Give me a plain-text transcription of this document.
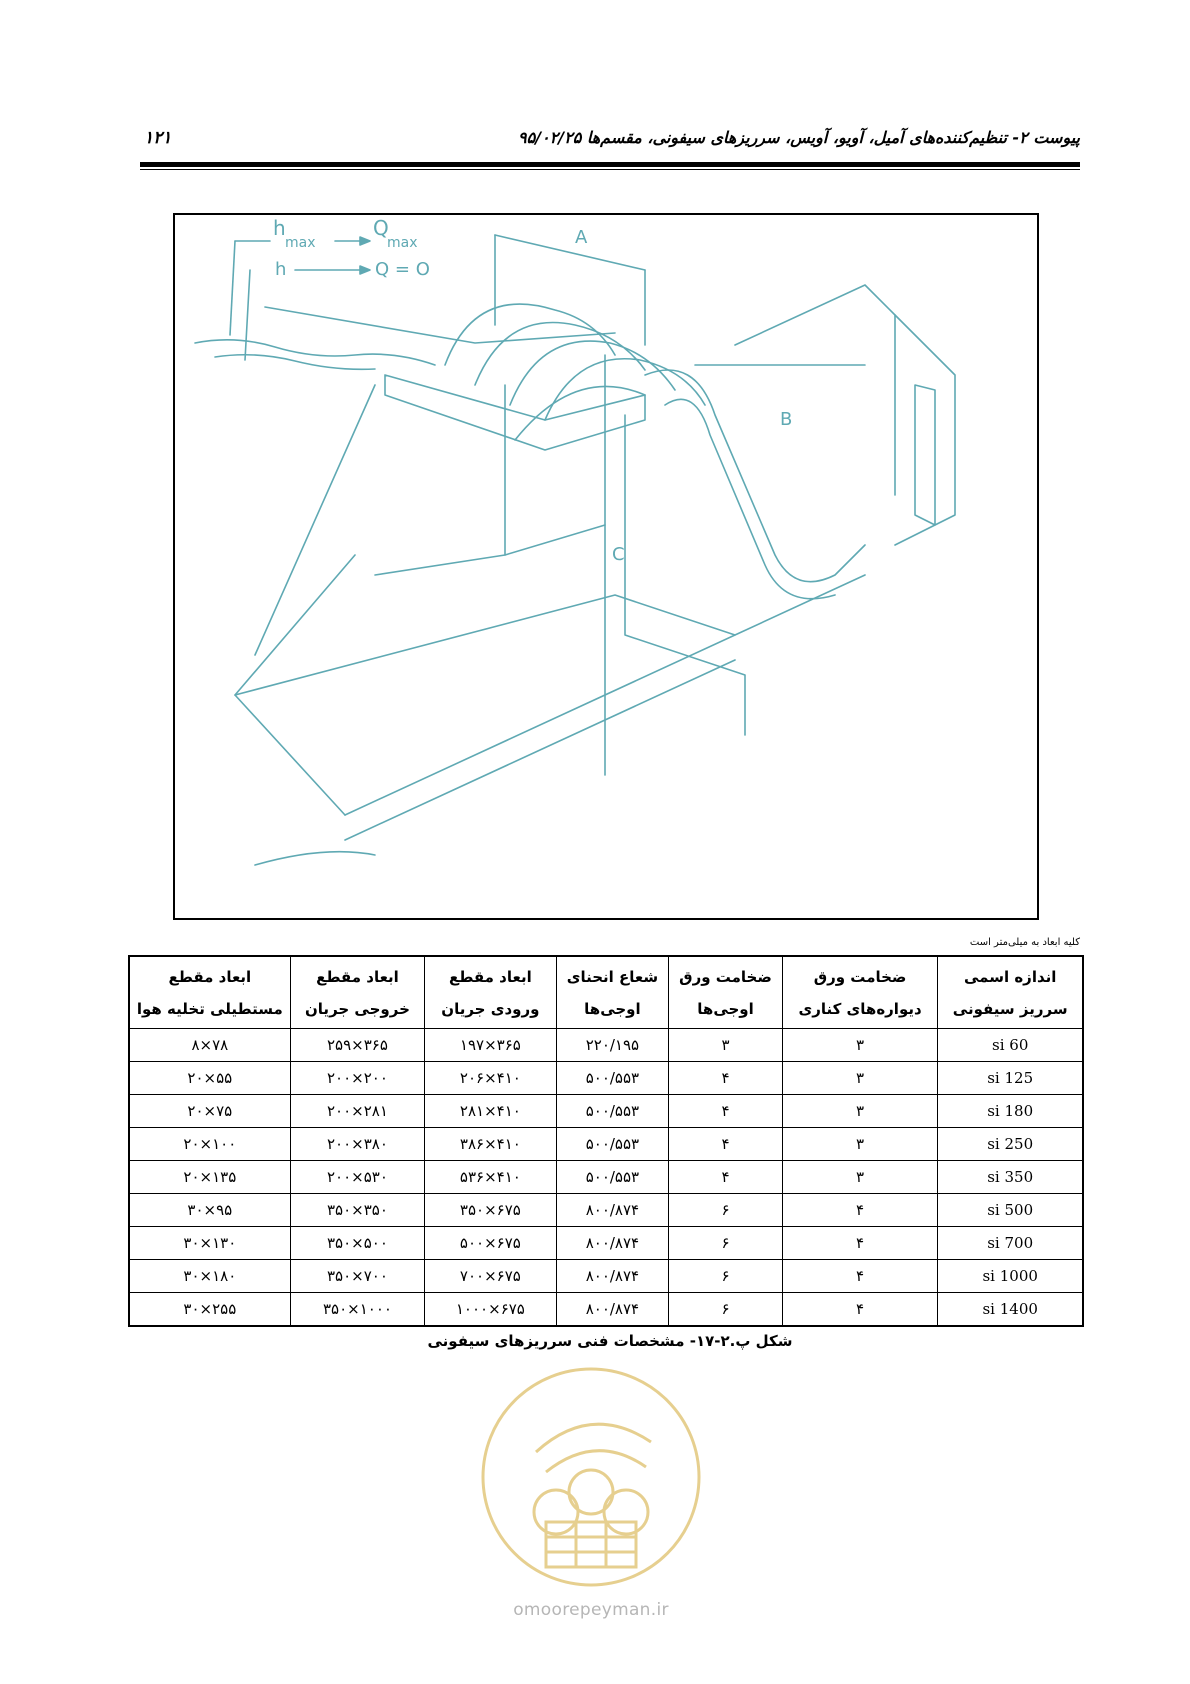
پیوست ۲- تنظیم‌کننده‌های آمیل، آویو، آویس، سرریزهای سیفونی، مقسم‌ها ۹۵/۰۲/۲۵
۱۲۱
h
max
Q
max
h	Q = O
A
B
C
کلیه ابعاد به میلی‌متر است
اندازه اسمی سرریز سیفونی	ضخامت ورق دیواره‌های کناری	ضخامت ورق اوجی‌ها	شعاع انحنای اوجی‌ها	ابعاد مقطع ورودی جریان	ابعاد مقطع خروجی جریان	ابعاد مقطع مستطیلی تخلیه هوا
si 60	۳	۳	۲۲۰/۱۹۵	۳۶۵×۱۹۷	۳۶۵×۲۵۹	۷۸×۸
si 125	۳	۴	۵۰۰/۵۵۳	۴۱۰×۲۰۶	۲۰۰×۲۰۰	۵۵×۲۰
si 180	۳	۴	۵۰۰/۵۵۳	۴۱۰×۲۸۱	۲۸۱×۲۰۰	۷۵×۲۰
si 250	۳	۴	۵۰۰/۵۵۳	۴۱۰×۳۸۶	۳۸۰×۲۰۰	۱۰۰×۲۰
si 350	۳	۴	۵۰۰/۵۵۳	۴۱۰×۵۳۶	۵۳۰×۲۰۰	۱۳۵×۲۰
si 500	۴	۶	۸۰۰/۸۷۴	۶۷۵×۳۵۰	۳۵۰×۳۵۰	۹۵×۳۰
si 700	۴	۶	۸۰۰/۸۷۴	۶۷۵×۵۰۰	۵۰۰×۳۵۰	۱۳۰×۳۰
si 1000	۴	۶	۸۰۰/۸۷۴	۶۷۵×۷۰۰	۷۰۰×۳۵۰	۱۸۰×۳۰
si 1400	۴	۶	۸۰۰/۸۷۴	۶۷۵×۱۰۰۰	۱۰۰۰×۳۵۰	۲۵۵×۳۰
شکل پ.۲-۱۷- مشخصات فنی سرریزهای سیفونی
omoorepeyman.ir
